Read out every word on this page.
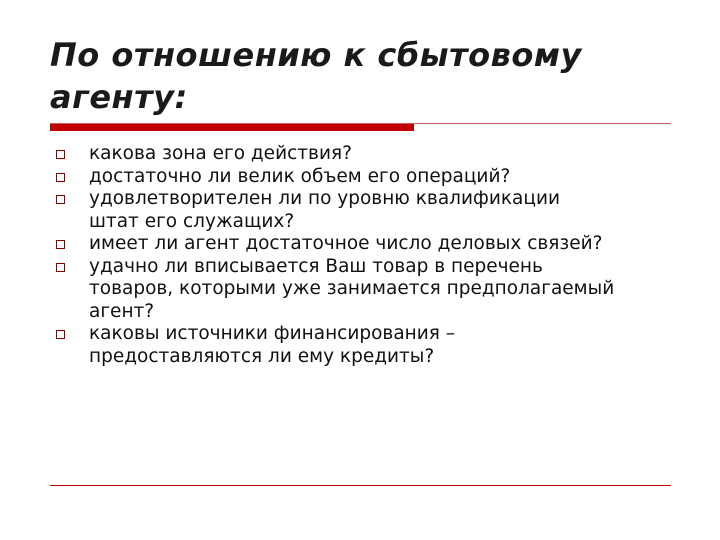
По отношению к сбытовому агенту:
какова зона его действия?
достаточно ли велик объем его операций?
удовлетворителен ли по уровню квалификации
штат его служащих?
имеет ли агент достаточное число деловых связей?
удачно ли вписывается Ваш товар в перечень
товаров, которыми уже занимается предполагаемый
агент?
каковы источники финансирования –
предоставляются ли ему кредиты?
